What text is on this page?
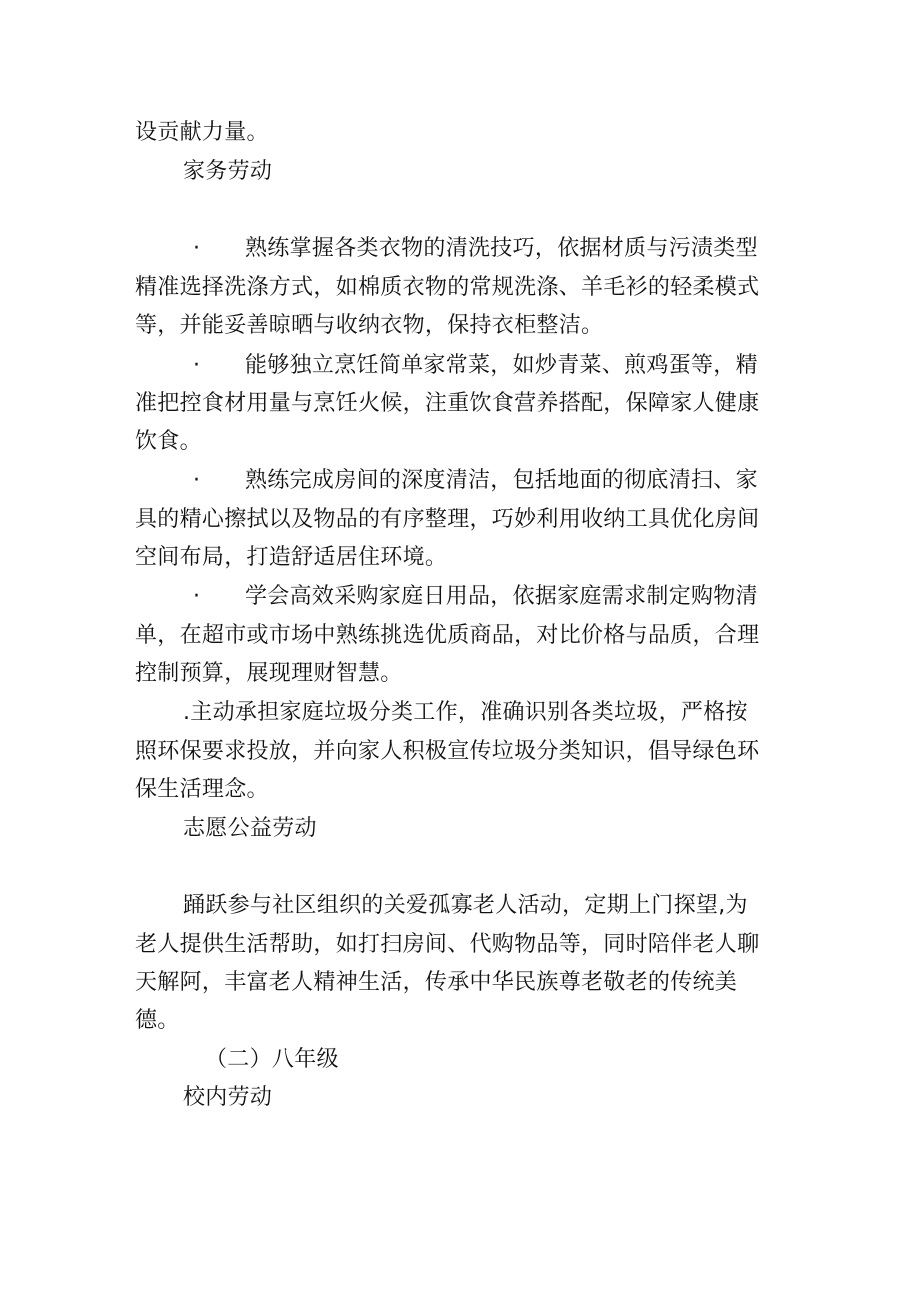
设贡献力量。
家务劳动
· 熟练掌握各类衣物的清洗技巧，依据材质与污渍类型
精准选择洗涤方式，如棉质衣物的常规洗涤、羊毛衫的轻柔模式
等，并能妥善晾晒与收纳衣物，保持衣柜整洁。
· 能够独立烹饪简单家常菜，如炒青菜、煎鸡蛋等，精
准把控食材用量与烹饪火候，注重饮食营养搭配，保障家人健康
饮食。
· 熟练完成房间的深度清洁，包括地面的彻底清扫、家
具的精心擦拭以及物品的有序整理，巧妙利用收纳工具优化房间
空间布局，打造舒适居住环境。
· 学会高效采购家庭日用品，依据家庭需求制定购物清
单，在超市或市场中熟练挑选优质商品，对比价格与品质，合理
控制预算，展现理财智慧。
.主动承担家庭垃圾分类工作，准确识别各类垃圾，严格按
照环保要求投放，并向家人积极宣传垃圾分类知识，倡导绿色环
保生活理念。
志愿公益劳动
踊跃参与社区组织的关爱孤寡老人活动，定期上门探望,为
老人提供生活帮助，如打扫房间、代购物品等，同时陪伴老人聊
天解阿，丰富老人精神生活，传承中华民族尊老敬老的传统美
德。
（二）八年级
校内劳动
